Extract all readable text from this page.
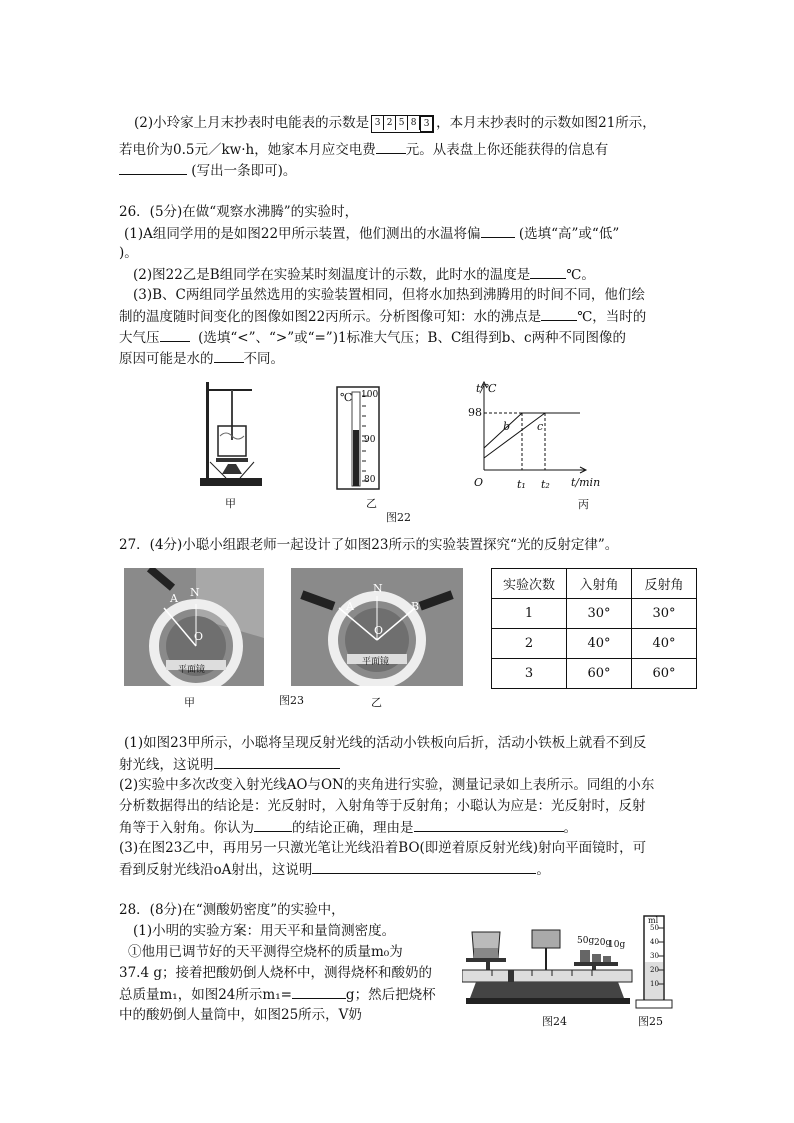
(2)小玲家上月末抄表时电能表的示数是 3 2 5 8 3 ，本月末抄表时的示数如图21所示，
若电价为0.5元／kw·h，她家本月应交电费 元。从表盘上你还能获得的信息有
(写出一条即可)。
26．(5分)在做“观察水沸腾”的实验时，
(1)A组同学用的是如图22甲所示装置，他们测出的水温将偏	(选填“高”或“低”
)。
(2)图22乙是B组同学在实验某时刻温度计的示数，此时水的温度是	℃。
(3)B、C两组同学虽然选用的实验装置相同，但将水加热到沸腾用的时间不同，他们绘
制的温度随时间变化的图像如图22丙所示。分析图像可知：水的沸点是	℃，当时的
大气压	(选填“<”、“>”或“=”)1标准大气压；B、C组得到b、c两种不同图像的
原因可能是水的 不同。
甲
℃ 100
90
80
乙
t/℃
98
b c
O	t₁ t₂ t/min
丙
图22
27．(4分)小聪小组跟老师一起设计了如图23所示的实验装置探究“光的反射定律”。
A N
O
平面镜
甲
A
N
B
O
平面镜
图23	乙
实验次数	入射角	反射角
1	30°	30°
2	40°	40°
3	60°	60°
(1)如图23甲所示，小聪将呈现反射光线的活动小铁板向后折，活动小铁板上就看不到反
射光线，这说明
(2)实验中多次改变入射光线AO与ON的夹角进行实验，测量记录如上表所示。同组的小东
分析数据得出的结论是：光反射时，入射角等于反射角；小聪认为应是：光反射时，反射
角等于入射角。你认为	的结论正确，理由是	。
(3)在图23乙中，再用另一只激光笔让光线沿着BO(即逆着原反射光线)射向平面镜时，可
看到反射光线沿oA射出，这说明	。
28．(8分)在“测酸奶密度”的实验中，
(1)小明的实验方案：用天平和量筒测密度。
①他用已调节好的天平测得空烧杯的质量m₀为
37.4 g；接着把酸奶倒人烧杯中，测得烧杯和酸奶的
总质量m₁，如图24所示m₁=	g；然后把烧杯
中的酸奶倒人量筒中，如图25所示，V奶
50g 20g
10g
图24
ml
50
40
30
20
10
图25
